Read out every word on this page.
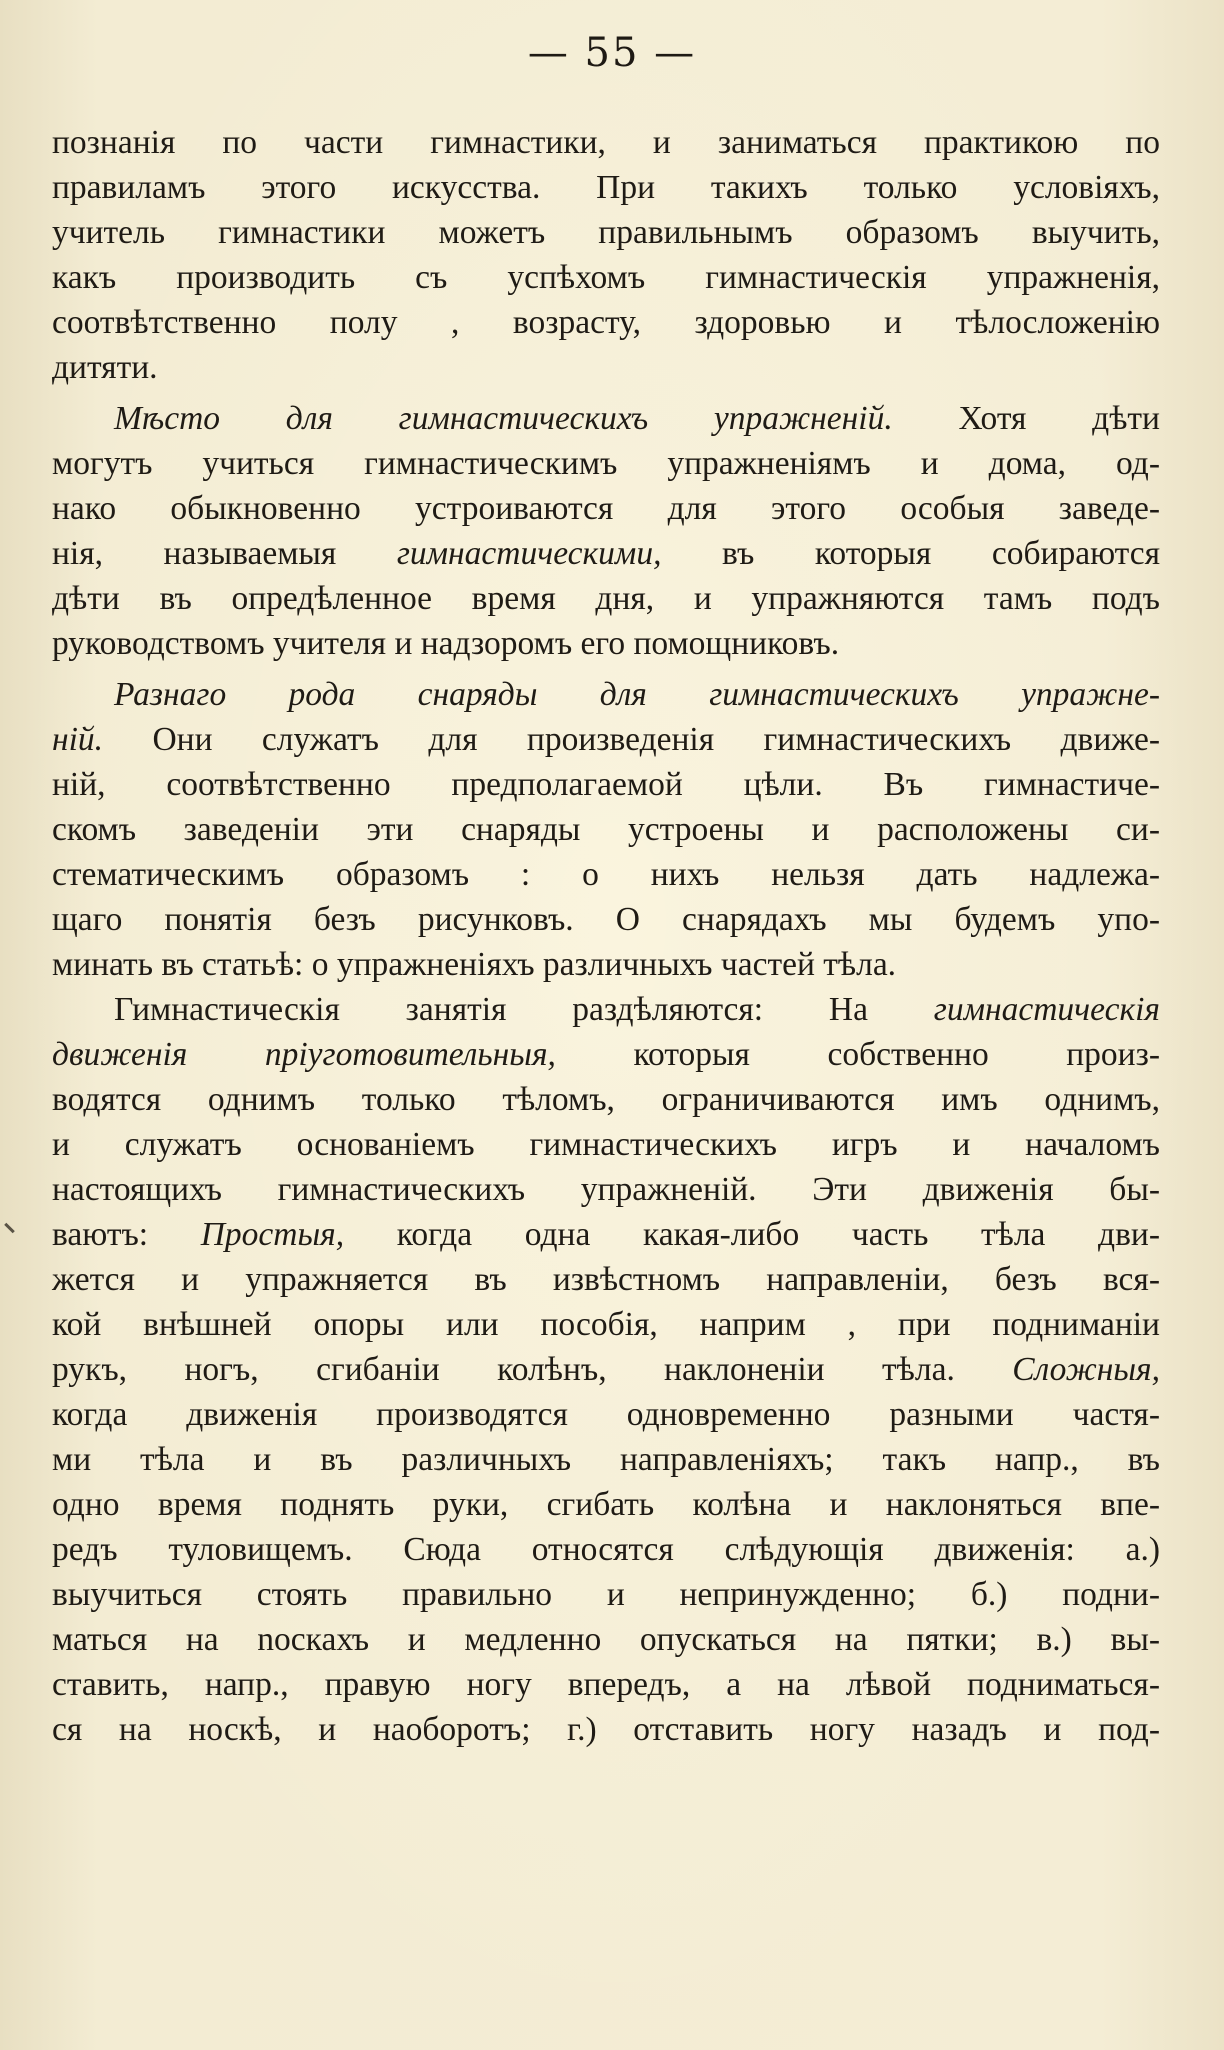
— 55 —
познанія по части гимнастики, и заниматься практикою по
правиламъ этого искусства. При такихъ только условіяхъ,
учитель гимнастики можетъ правильнымъ образомъ выучить,
какъ производить съ успѣхомъ гимнастическія упражненія,
соотвѣтственно полу , возрасту, здоровью и тѣлосложенію
дитяти.
Мѣсто для гимнастическихъ упражненій. Хотя дѣти
могутъ учиться гимнастическимъ упражненіямъ и дома, од-
нако обыкновенно устроиваются для этого особыя заведе-
нія, называемыя гимнастическими, въ которыя собираются
дѣти въ опредѣленное время дня, и упражняются тамъ подъ
руководствомъ учителя и надзоромъ его помощниковъ.
Разнаго рода снаряды для гимнастическихъ упражне-
ній. Они служатъ для произведенія гимнастическихъ движе-
ній, соотвѣтственно предполагаемой цѣли. Въ гимнастиче-
скомъ заведеніи эти снаряды устроены и расположены си-
стематическимъ образомъ : о нихъ нельзя дать надлежа-
щаго понятія безъ рисунковъ. О снарядахъ мы будемъ упо-
минать въ статьѣ: о упражненіяхъ различныхъ частей тѣла.
Гимнастическія занятія раздѣляются: На гимнастическія
движенія пріуготовительныя, которыя собственно произ-
водятся однимъ только тѣломъ, ограничиваются имъ однимъ,
и служатъ основаніемъ гимнастическихъ игръ и началомъ
настоящихъ гимнастическихъ упражненій. Эти движенія бы-
ваютъ: Простыя, когда одна какая-либо часть тѣла дви-
жется и упражняется въ извѣстномъ направленіи, безъ вся-
кой внѣшней опоры или пособія, наприм , при подниманіи
рукъ, ногъ, сгибаніи колѣнъ, наклоненіи тѣла. Сложныя,
когда движенія производятся одновременно разными частя-
ми тѣла и въ различныхъ направленіяхъ; такъ напр., въ
одно время поднять руки, сгибать колѣна и наклоняться впе-
редъ туловищемъ. Сюда относятся слѣдующія движенія: а.)
выучиться стоять правильно и непринужденно; б.) подни-
маться на noскахъ и медленно опускаться на пятки; в.) вы-
ставить, напр., правую ногу впередъ, а на лѣвой подниматься-
ся на носкѣ, и наоборотъ; г.) отставить ногу назадъ и под-
